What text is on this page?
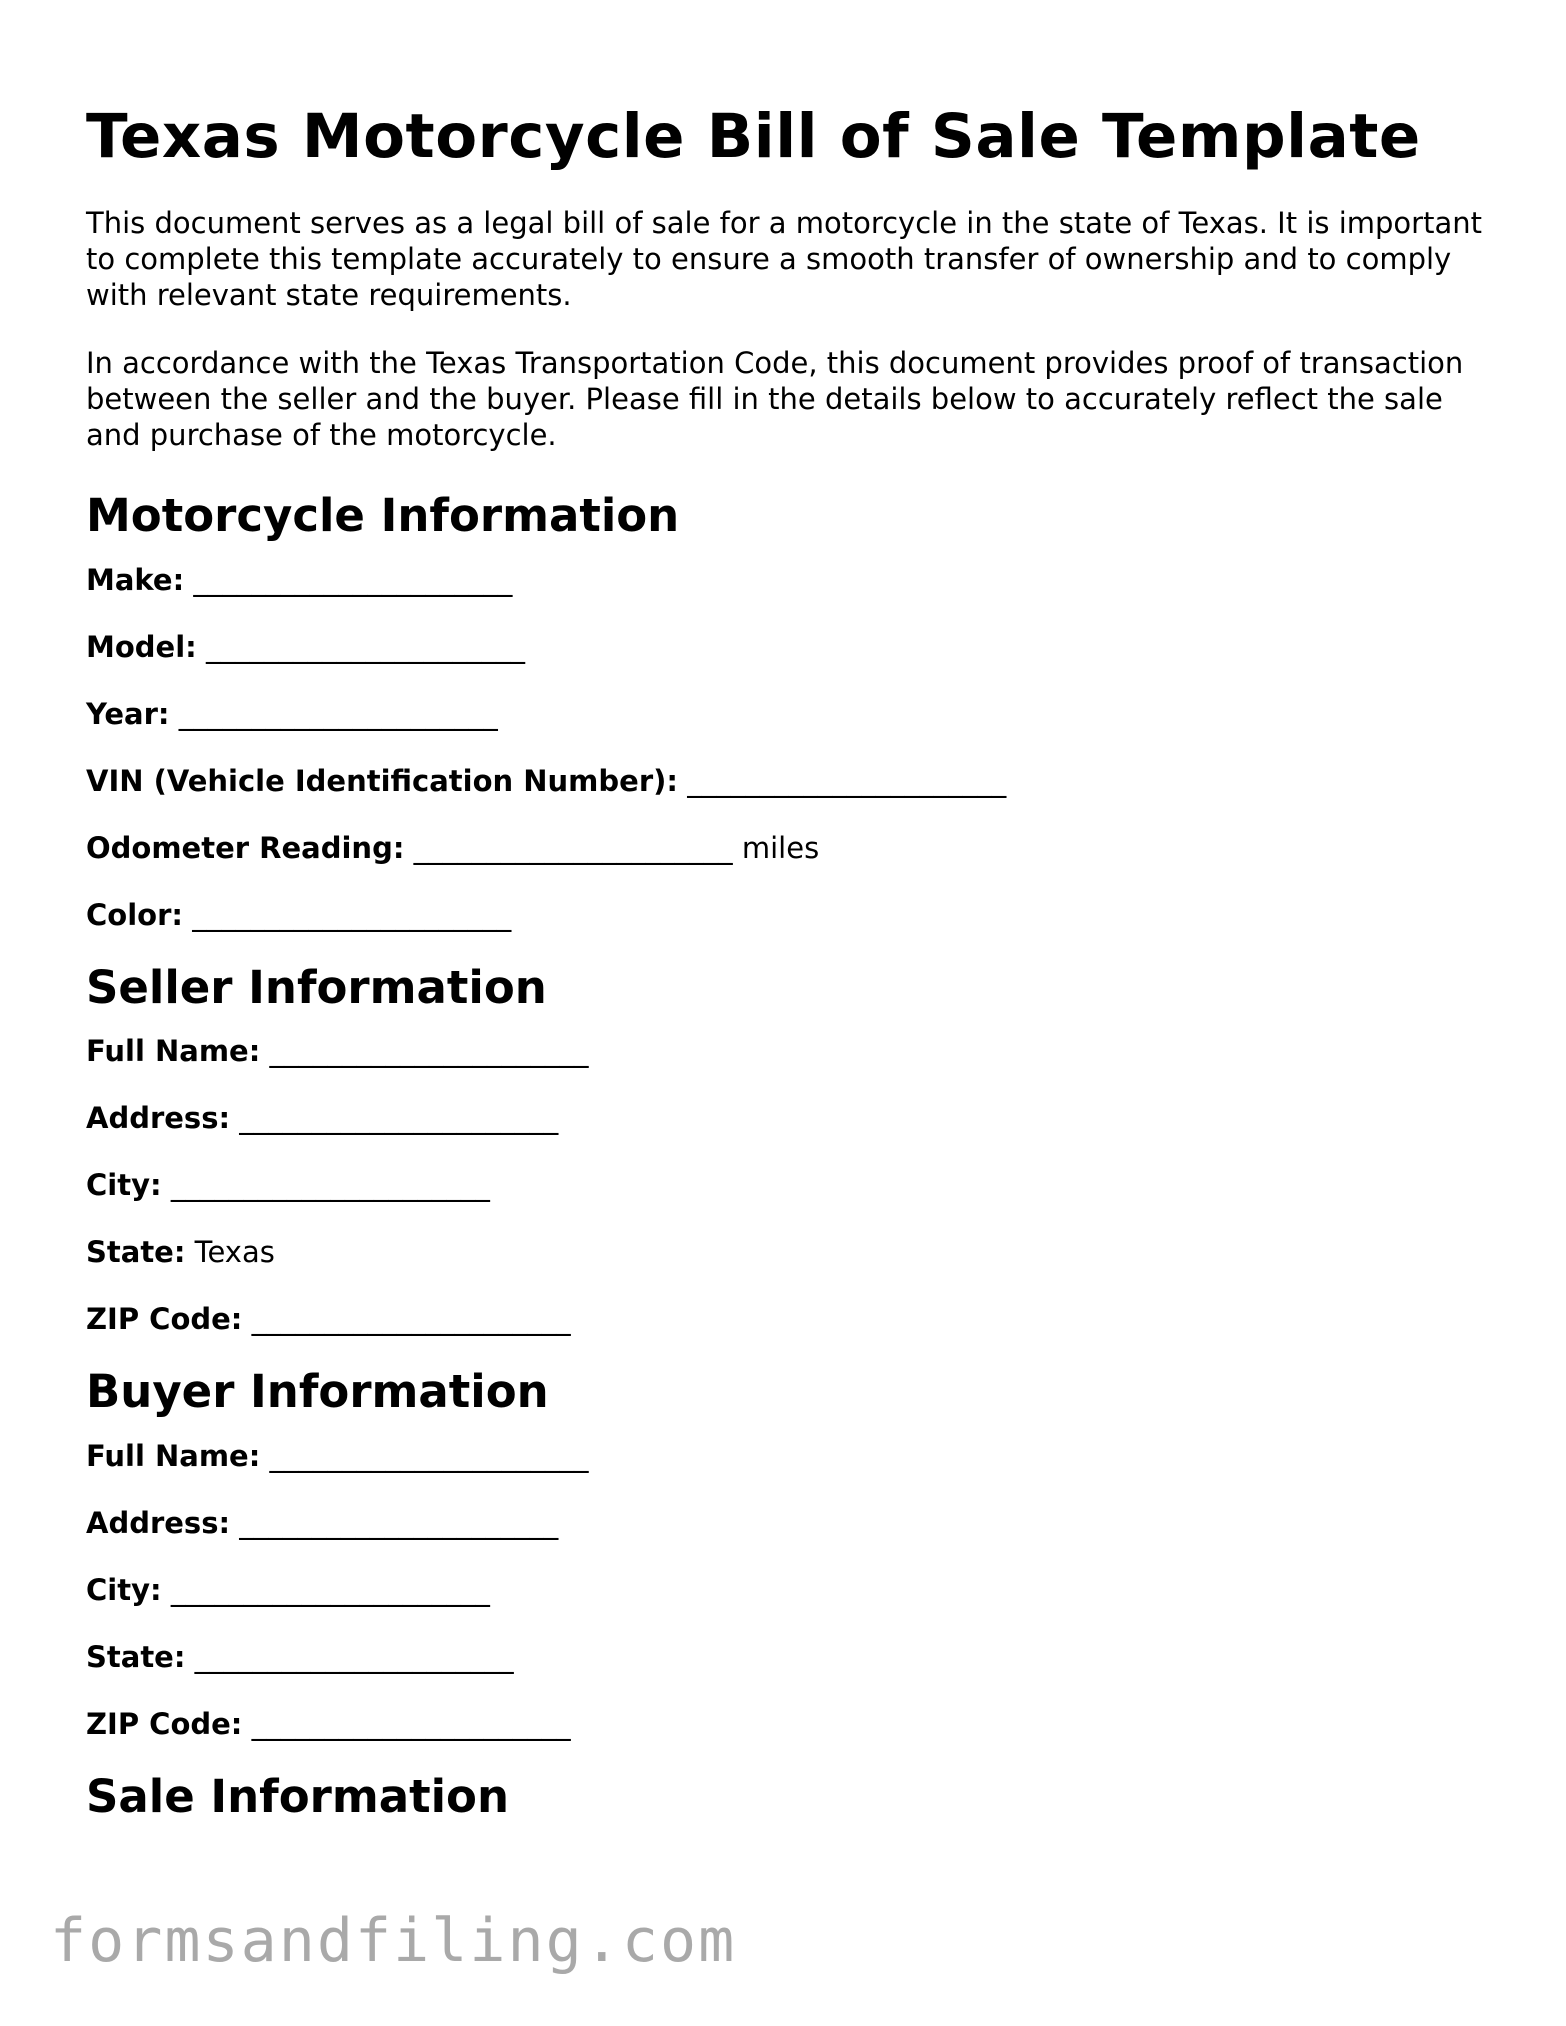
Texas Motorcycle Bill of Sale Template

This document serves as a legal bill of sale for a motorcycle in the state of Texas. It is important to complete this template accurately to ensure a smooth transfer of ownership and to comply with relevant state requirements.

In accordance with the Texas Transportation Code, this document provides proof of transaction between the seller and the buyer. Please fill in the details below to accurately reflect the sale and purchase of the motorcycle.

Motorcycle Information
Make: ______________________
Model: ______________________
Year: ______________________
VIN (Vehicle Identification Number): ______________________
Odometer Reading: ______________________ miles
Color: ______________________
Seller Information
Full Name: ______________________
Address: ______________________
City: ______________________
State: Texas
ZIP Code: ______________________
Buyer Information
Full Name: ______________________
Address: ______________________
City: ______________________
State: ______________________
ZIP Code: ______________________
Sale Information
formsandfiling.com
